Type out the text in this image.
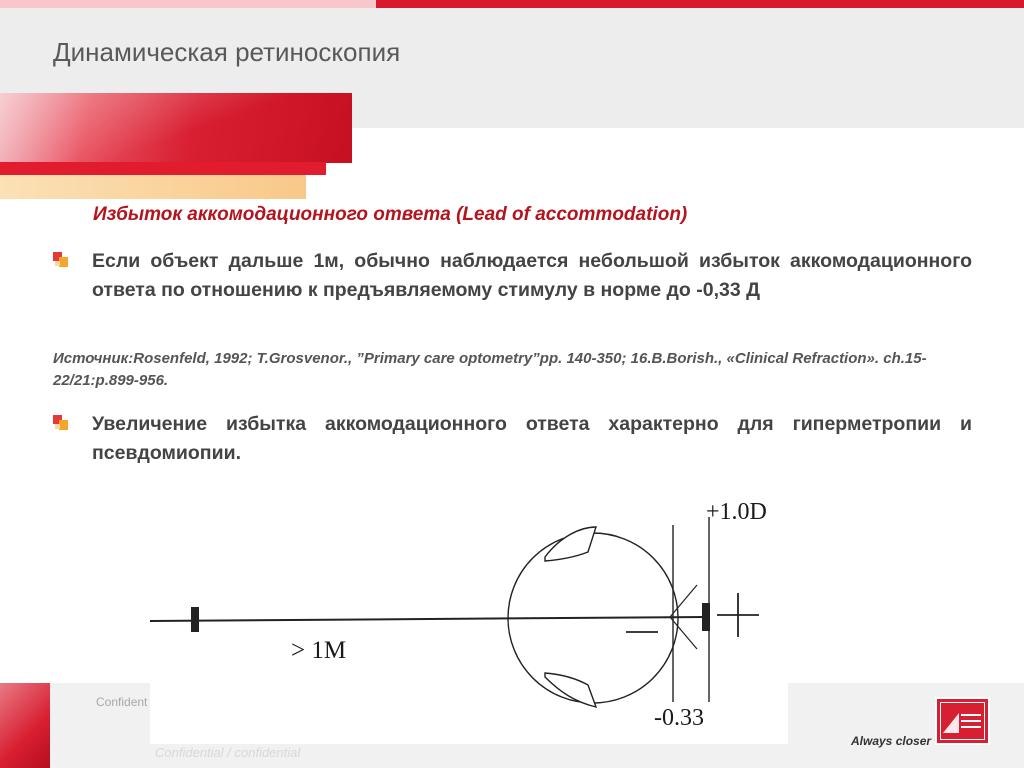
Динамическая ретиноскопия

Избыток аккомодационного ответа (Lead of accommodation)

Если объект дальше 1м, обычно наблюдается небольшой избыток аккомодационного ответа по отношению к предъявляемому стимулу в норме до -0,33 Д

Источник:Rosenfeld, 1992; T.Grosvenor., ”Primary care optometry”pp. 140-350; 16.B.Borish., «Clinical Refraction». ch.15-22/21:p.899-956.

Увеличение избытка аккомодационного ответа характерно для гиперметропии и псевдомиопии.

Confident
Confidential / confidential
Always closer
> 1M
+1.0D
-0.33
